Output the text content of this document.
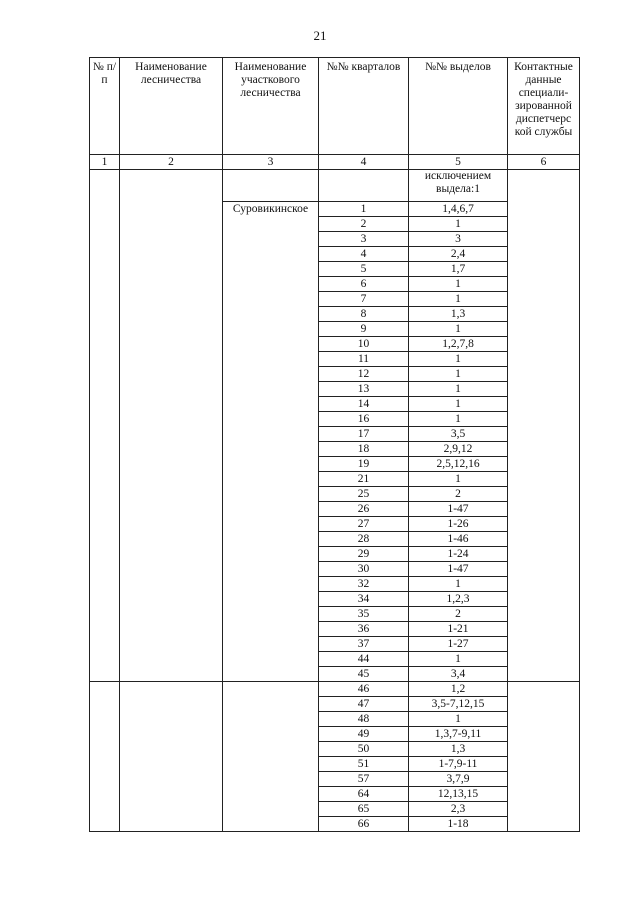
21
№ п/п	Наименование лесничества	Наименование участкового лесничества	№№ кварталов	№№ выделов	Контактные данные специали-зированной диспетчерс кой службы
1	2	3	4	5	6
				исключением выдела:1	
		Суровикинское	1	1,4,6,7	
			2	1	
			3	3	
			4	2,4	
			5	1,7	
			6	1	
			7	1	
			8	1,3	
			9	1	
			10	1,2,7,8	
			11	1	
			12	1	
			13	1	
			14	1	
			16	1	
			17	3,5	
			18	2,9,12	
			19	2,5,12,16	
			21	1	
			25	2	
			26	1-47	
			27	1-26	
			28	1-46	
			29	1-24	
			30	1-47	
			32	1	
			34	1,2,3	
			35	2	
			36	1-21	
			37	1-27	
			44	1	
			45	3,4	
			46	1,2	
			47	3,5-7,12,15	
			48	1	
			49	1,3,7-9,11	
			50	1,3	
			51	1-7,9-11	
			57	3,7,9	
			64	12,13,15	
			65	2,3	
			66	1-18	
